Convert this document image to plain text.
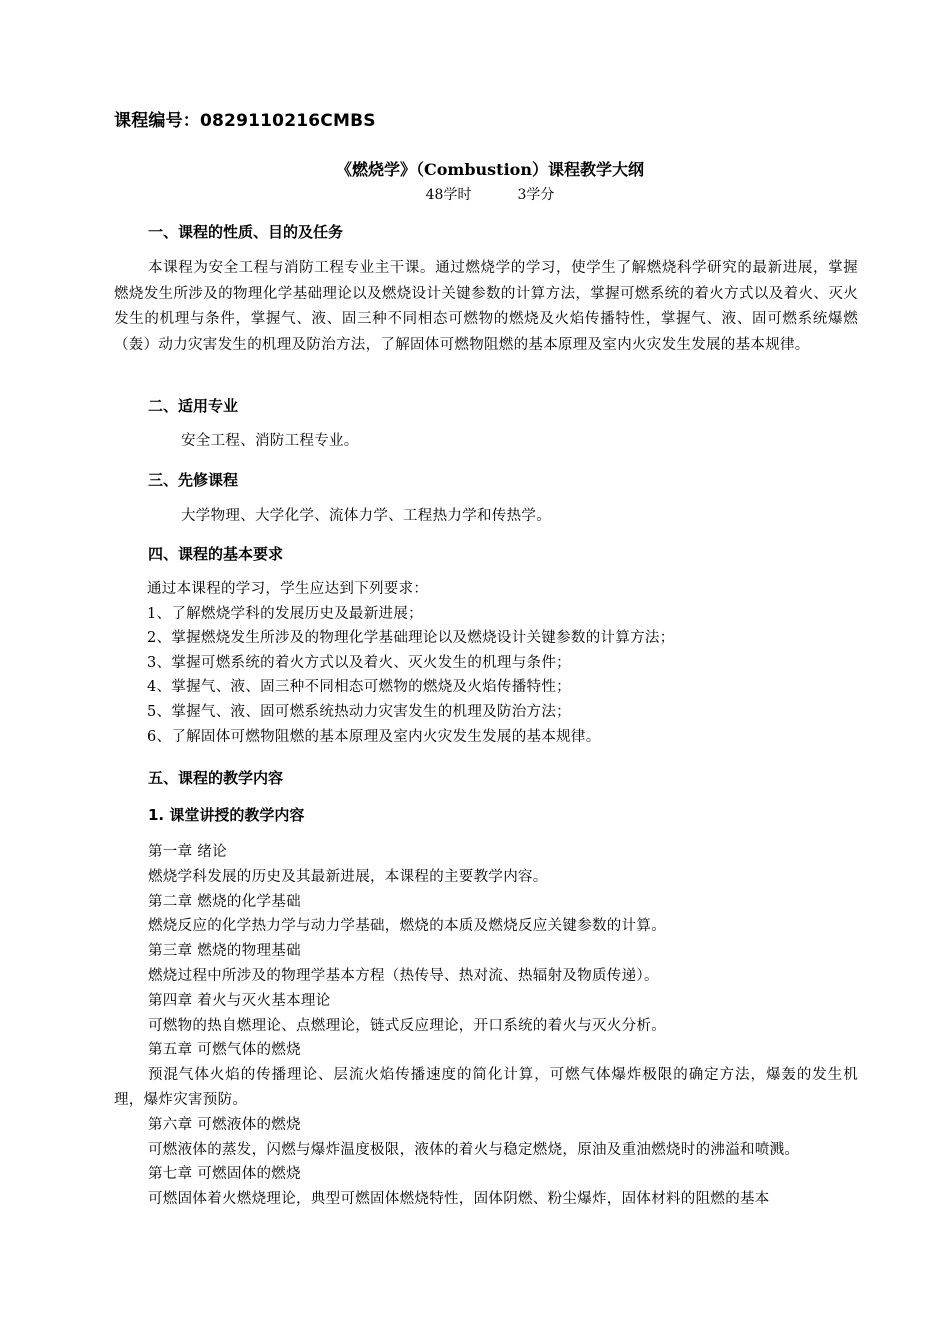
课程编号：0829110216CMBS
《燃烧学》（Combustion）课程教学大纲
48学时	3学分
一、课程的性质、目的及任务
本课程为安全工程与消防工程专业主干课。通过燃烧学的学习，使学生了解燃烧科学研究的最新进展，掌握燃烧发生所涉及的物理化学基础理论以及燃烧设计关键参数的计算方法，掌握可燃系统的着火方式以及着火、灭火发生的机理与条件，掌握气、液、固三种不同相态可燃物的燃烧及火焰传播特性，掌握气、液、固可燃系统爆燃（轰）动力灾害发生的机理及防治方法，了解固体可燃物阻燃的基本原理及室内火灾发生发展的基本规律。
二、适用专业
安全工程、消防工程专业。
三、先修课程
大学物理、大学化学、流体力学、工程热力学和传热学。
四、课程的基本要求
通过本课程的学习，学生应达到下列要求：
1、了解燃烧学科的发展历史及最新进展；
2、掌握燃烧发生所涉及的物理化学基础理论以及燃烧设计关键参数的计算方法；
3、掌握可燃系统的着火方式以及着火、灭火发生的机理与条件；
4、掌握气、液、固三种不同相态可燃物的燃烧及火焰传播特性；
5、掌握气、液、固可燃系统热动力灾害发生的机理及防治方法；
6、了解固体可燃物阻燃的基本原理及室内火灾发生发展的基本规律。
五、课程的教学内容
1. 课堂讲授的教学内容
第一章 绪论
燃烧学科发展的历史及其最新进展，本课程的主要教学内容。
第二章 燃烧的化学基础
燃烧反应的化学热力学与动力学基础，燃烧的本质及燃烧反应关键参数的计算。
第三章 燃烧的物理基础
燃烧过程中所涉及的物理学基本方程（热传导、热对流、热辐射及物质传递）。
第四章 着火与灭火基本理论
可燃物的热自燃理论、点燃理论，链式反应理论，开口系统的着火与灭火分析。
第五章 可燃气体的燃烧
预混气体火焰的传播理论、层流火焰传播速度的简化计算，可燃气体爆炸极限的确定方法，爆轰的发生机理，爆炸灾害预防。
第六章 可燃液体的燃烧
可燃液体的蒸发，闪燃与爆炸温度极限，液体的着火与稳定燃烧，原油及重油燃烧时的沸溢和喷溅。
第七章 可燃固体的燃烧
可燃固体着火燃烧理论，典型可燃固体燃烧特性，固体阴燃、粉尘爆炸，固体材料的阻燃的基本
